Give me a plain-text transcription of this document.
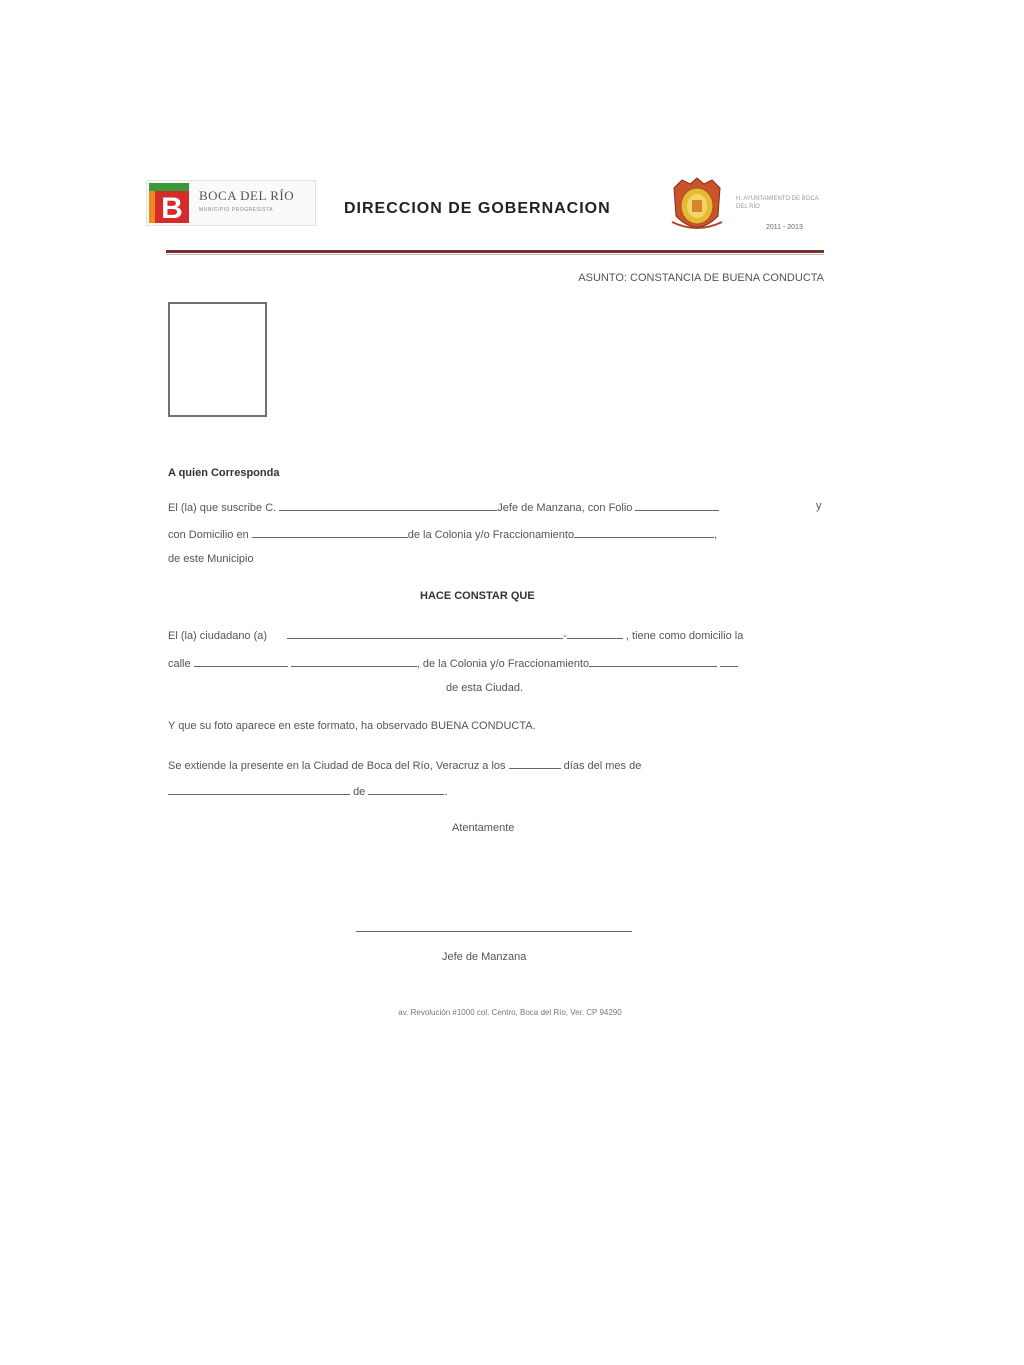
B BOCA DEL RÍO
MUNICIPIO PROGRESISTA	DIRECCION DE GOBERNACION
H. AYUNTAMIENTO DE BOCA DEL RÍO
2011 - 2013
ASUNTO: CONSTANCIA DE BUENA CONDUCTA
A quien Corresponda
El (la) que suscribe C.	Jefe de Manzana, con Folio	y
con Domicilio en	de la Colonia y/o Fraccionamiento	,
de este Municipio
HACE CONSTAR QUE
El (la) ciudadano (a)	-	, tiene como domicilio la
calle	, de la Colonia y/o Fraccionamiento
de esta Ciudad.
Y que su foto aparece en este formato, ha observado BUENA CONDUCTA.
Se extiende la presente en la Ciudad de Boca del Río, Veracruz a los	días del mes de
de	.
Atentamente
Jefe de Manzana
av. Revolución #1000 col. Centro, Boca del Río, Ver. CP 94290
